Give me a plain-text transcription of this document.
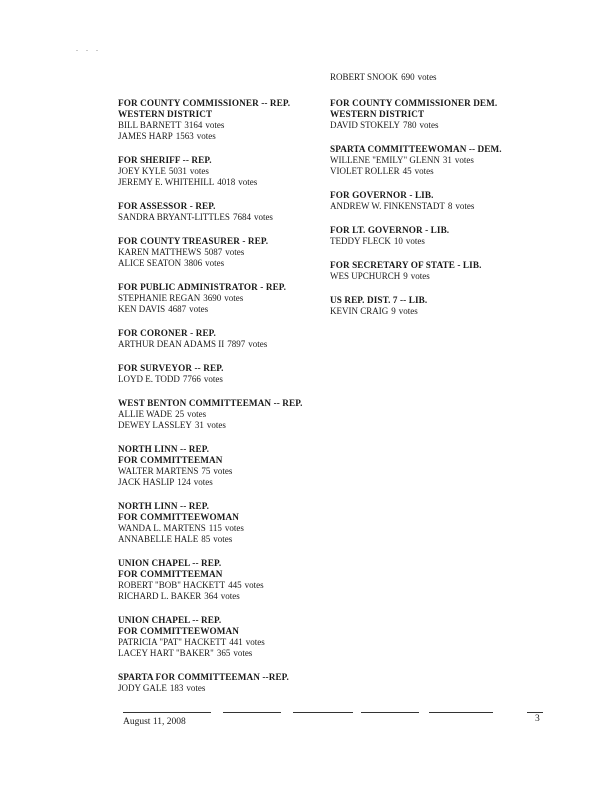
. . .
FOR COUNTY COMMISSIONER -- REP.
WESTERN DISTRICT
BILL BARNETT 3164 votes
JAMES HARP 1563 votes
FOR SHERIFF -- REP.
JOEY KYLE 5031 votes
JEREMY E. WHITEHILL 4018 votes
FOR ASSESSOR - REP.
SANDRA BRYANT-LITTLES 7684 votes
FOR COUNTY TREASURER - REP.
KAREN MATTHEWS 5087 votes
ALICE SEATON 3806 votes
FOR PUBLIC ADMINISTRATOR - REP.
STEPHANIE REGAN 3690 votes
KEN DAVIS 4687 votes
FOR CORONER - REP.
ARTHUR DEAN ADAMS II 7897 votes
FOR SURVEYOR -- REP.
LOYD E. TODD 7766 votes
WEST BENTON COMMITTEEMAN -- REP.
ALLIE WADE 25 votes
DEWEY LASSLEY 31 votes
NORTH LINN -- REP.
FOR COMMITTEEMAN
WALTER MARTENS 75 votes
JACK HASLIP 124 votes
NORTH LINN -- REP.
FOR COMMITTEEWOMAN
WANDA L. MARTENS 115 votes
ANNABELLE HALE 85 votes
UNION CHAPEL -- REP.
FOR COMMITTEEMAN
ROBERT "BOB" HACKETT 445 votes
RICHARD L. BAKER 364 votes
UNION CHAPEL -- REP.
FOR COMMITTEEWOMAN
PATRICIA "PAT" HACKETT 441 votes
LACEY HART "BAKER" 365 votes
SPARTA FOR COMMITTEEMAN --REP.
JODY GALE 183 votes
ROBERT SNOOK 690 votes
FOR COUNTY COMMISSIONER DEM.
WESTERN DISTRICT
DAVID STOKELY 780 votes
SPARTA COMMITTEEWOMAN -- DEM.
WILLENE "EMILY" GLENN 31 votes
VIOLET ROLLER 45 votes
FOR GOVERNOR - LIB.
ANDREW W. FINKENSTADT 8 votes
FOR LT. GOVERNOR - LIB.
TEDDY FLECK 10 votes
FOR SECRETARY OF STATE - LIB.
WES UPCHURCH 9 votes
US REP. DIST. 7 -- LIB.
KEVIN CRAIG 9 votes
August 11, 2008	3
